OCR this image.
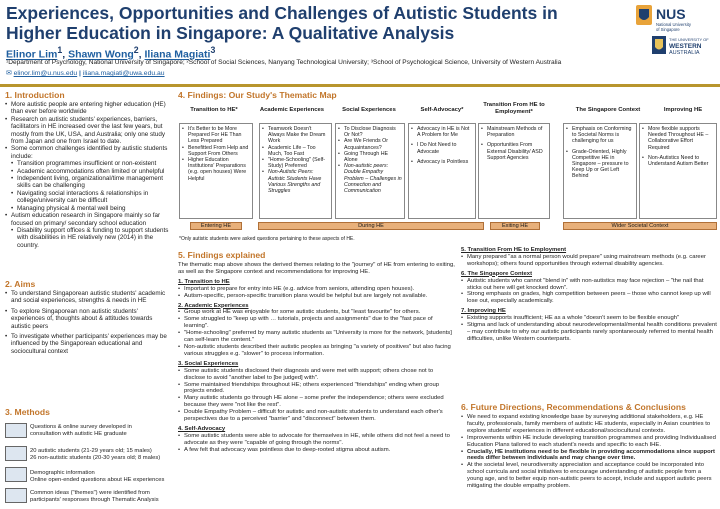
Experiences, Opportunities and Challenges of Autistic Students in
Higher Education in Singapore: A Qualitative Analysis
Elinor Lim$^1$, Shawn Wong$^2$, Iliana Magiati$^3$
¹Department of Psychology, National University of Singapore; ²School of Social Sciences, Nanyang Technological University; ³School of Psychological Science, University of Western Australia
✉ elinor.lim@u.nus.edu | iliana.magiati@uwa.edu.au
NUS
National University
of Singapore
THE UNIVERSITY OF
WESTERN
AUSTRALIA
1. Introduction
• More autistic people are entering higher education (HE) than ever before worldwide
• Research on autistic students' experiences, barriers, facilitators in HE increased over the last few years, but mostly from the UK, USA, and Australia; only one study from Japan and one from Israel to date.
• Some common challenges identified by autistic students include:
• Transition programmes insufficient or non-existent
• Academic accommodations often limited or unhelpful
• Independent living, organizational/time management skills can be challenging
• Navigating social interactions & relationships in college/university can be difficult
• Managing physical & mental well being
• Autism education research in Singapore mainly so far focused on primary/ secondary school education
• Disability support offices & funding to support students with disabilities in HE relatively new (2014) in the country.
2. Aims
• To understand Singaporean autistic students' academic and social experiences, strengths & needs in HE
• To explore Singaporean non autistic students' experiences of, thoughts about & attitudes towards autistic peers
• To investigate whether participants' experiences may be influenced by the Singaporean educational and sociocultural context
3. Methods
Questions & online survey developed in
consultation with autistic HE graduate
20 autistic students (21-29 years old; 15 males)
26 non-autistic students (20-30 years old; 8 males)
Demographic information
Online open-ended questions about HE experiences
Common ideas ("themes") were identified from
participants' responses through Thematic Analysis
4. Findings: Our Study's Thematic Map
Transition to HE*	Academic Experiences	Social Experiences	Self-Advocacy*
Transition From HE to Employment*	The Singapore Context	Improving HE
• It's Better to be More Prepared For HE Than Less Prepared
• Benefitted From Help and Support From Others
• Higher Education Institutions' Preparations (e.g. open houses) Were Helpful
• Teamwork Doesn't Always Make the Dream Work
• Academic Life – Too Much, Too Fast
• "Home-Schooling" (Self-Study) Preferred
• Non-Autistic Peers: Autistic Students Have Various Strengths and Struggles
• To Disclose Diagnosis Or Not?
• Are We Friends Or Acquaintances?
• Going Through HE Alone
• Non-autistic peers: Double Empathy Problem – Challenges in Connection and Communication
• Advocacy in HE is Not A Problem for Me
• I Do Not Need to Advocate
• Advocacy is Pointless
• Mainstream Methods of Preparation
• Opportunities From External Disability/ ASD Support Agencies
• Emphasis on Conforming to Societal Norms is challenging for us
• Grade-Oriented, Highly Competitive HE in Singapore – pressure to Keep Up or Get Left Behind
• More flexible supports Needed Throughout HE –Collaborative Effort Required
• Non-Autistics Need to Understand Autism Better
Entering HE	During HE	Exiting HE	Wider Societal Context
*Only autistic students were asked questions pertaining to these aspects of HE.
5. Findings explained
The thematic map above shows the derived themes relating to the "journey" of HE from entering to exiting, as well as the Singapore context and recommendations for improving HE.
1. Transition to HE
• Important to prepare for entry into HE (e.g. advice from seniors, attending open houses).
• Autism-specific, person-specific transition plans would be helpful but are largely not available.
2. Academic Experiences
• Group work at HE was enjoyable for some autistic students, but "least favourite" for others.
• Some struggled to "keep up with … tutorials, projects and assignments" due to the "fast pace of learning".
• "Home-schooling" preferred by many autistic students as "University is more for the network, [students] can self-learn the content."
• Non-autistic students described their autistic peoples as bringing "a variety of positives" but also facing various struggles e.g. "slower" to process information.
3. Social Experiences
• Some autistic students disclosed their diagnosis and were met with support; others chose not to disclose to avoid "another label to [be judged] with".
• Some maintained friendships throughout HE; others experienced "friendships" ending when group projects ended.
• Many autistic students go through HE alone – some prefer the independence; others were excluded because they were "not like the rest".
• Double Empathy Problem – difficult for autistic and non-autistic students to understand each other's perspectives due to a perceived "barrier" and "disconnect" between them.
4. Self-Advocacy
• Some autistic students were able to advocate for themselves in HE, while others did not feel a need to advocate as they were "capable of going through the norms".
• A few felt that advocacy was pointless due to deep-rooted stigma about autism.
5. Transition From HE to Employment
• Many prepared "as a normal person would prepare" using mainstream methods (e.g. career workshops); others found opportunities through external disability agencies.
6. The Singapore Context
• Autistic students who cannot "blend in" with non-autistics may face rejection – "the nail that sticks out here will get knocked down".
• Strong emphasis on grades, high competition between peers – those who cannot keep up will lose out, especially academically.
7. Improving HE
• Existing supports insufficient; HE as a whole "doesn't seem to be flexible enough"
• Stigma and lack of understanding about neurodevelopmental/mental health conditions prevalent – may contribute to why our autistic participants rarely spontaneously referred to mental health difficulties, unlike Western counterparts.
6. Future Directions, Recommendations & Conclusions
• We need to expand existing knowledge base by surveying additional stakeholders, e.g. HE faculty, professionals, family members of autistic HE students, especially in Asian countries to explore students' experiences in different educational/sociocultural contexts.
• Improvements within HE include developing transition programmes and providing Individualised Education Plans tailored to each student's needs and specific to each IHE.
• Crucially, HE institutions need to be flexible in providing accommodations since support needs differ between individuals and may change over time.
• At the societal level, neurodiversity appreciation and acceptance could be incorporated into school curricula and social initiatives to encourage understanding of autistic people from a young age, and to better equip non-autistic peers to accept, include and support autistic peers mitigating the double empathy problem.
